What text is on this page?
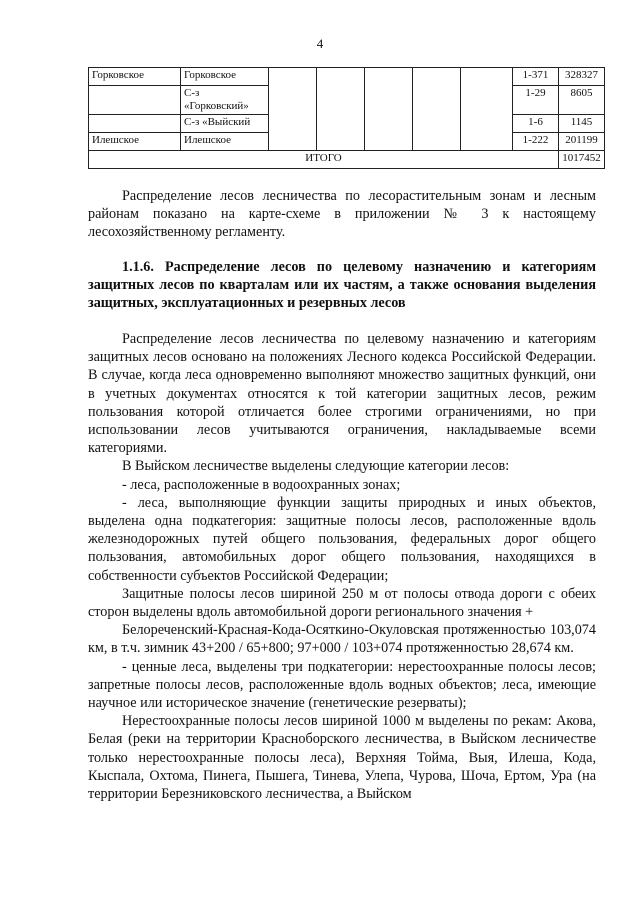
4
Горковское	Горковское						1-371	328327
	С-з «Горковский»						1-29	8605
	С-з «Выйский						1-6	1145
Илешское	Илешское						1-222	201199
ИТОГО								1017452

Распределение лесов лесничества по лесорастительным зонам и лесным районам показано на карте-схеме в приложении № 3 к настоящему лесохозяйственному регламенту.

1.1.6. Распределение лесов по целевому назначению и категориям защитных лесов по кварталам или их частям, а также основания выделения защитных, эксплуатационных и резервных лесов

Распределение лесов лесничества по целевому назначению и категориям защитных лесов основано на положениях Лесного кодекса Российской Федерации. В случае, когда леса одновременно выполняют множество защитных функций, они в учетных документах относятся к той категории защитных лесов, режим пользования которой отличается более строгими ограничениями, но при использовании лесов учитываются ограничения, накладываемые всеми категориями.

В Выйском лесничестве выделены следующие категории лесов:

- леса, расположенные в водоохранных зонах;

- леса, выполняющие функции защиты природных и иных объектов, выделена одна подкатегория: защитные полосы лесов, расположенные вдоль железнодорожных путей общего пользования, федеральных дорог общего пользования, автомобильных дорог общего пользования, находящихся в собственности субъектов Российской Федерации;

Защитные полосы лесов шириной 250 м от полосы отвода дороги с обеих сторон выделены вдоль автомобильной дороги регионального значения +

Белореченский-Красная-Кода-Осяткино-Окуловская протяженностью 103,074 км, в т.ч. зимник 43+200 / 65+800; 97+000 / 103+074 протяженностью 28,674 км.

- ценные леса, выделены три подкатегории: нерестоохранные полосы лесов; запретные полосы лесов, расположенные вдоль водных объектов; леса, имеющие научное или историческое значение (генетические резерваты);

Нерестоохранные полосы лесов шириной 1000 м выделены по рекам: Акова, Белая (реки на территории Красноборского лесничества, в Выйском лесничестве только нерестоохранные полосы леса), Верхняя Тойма, Выя, Илеша, Кода, Кыспала, Охтома, Пинега, Пышега, Тинева, Улепа, Чурова, Шоча, Ертом, Ура (на территории Березниковского лесничества, а Выйском
